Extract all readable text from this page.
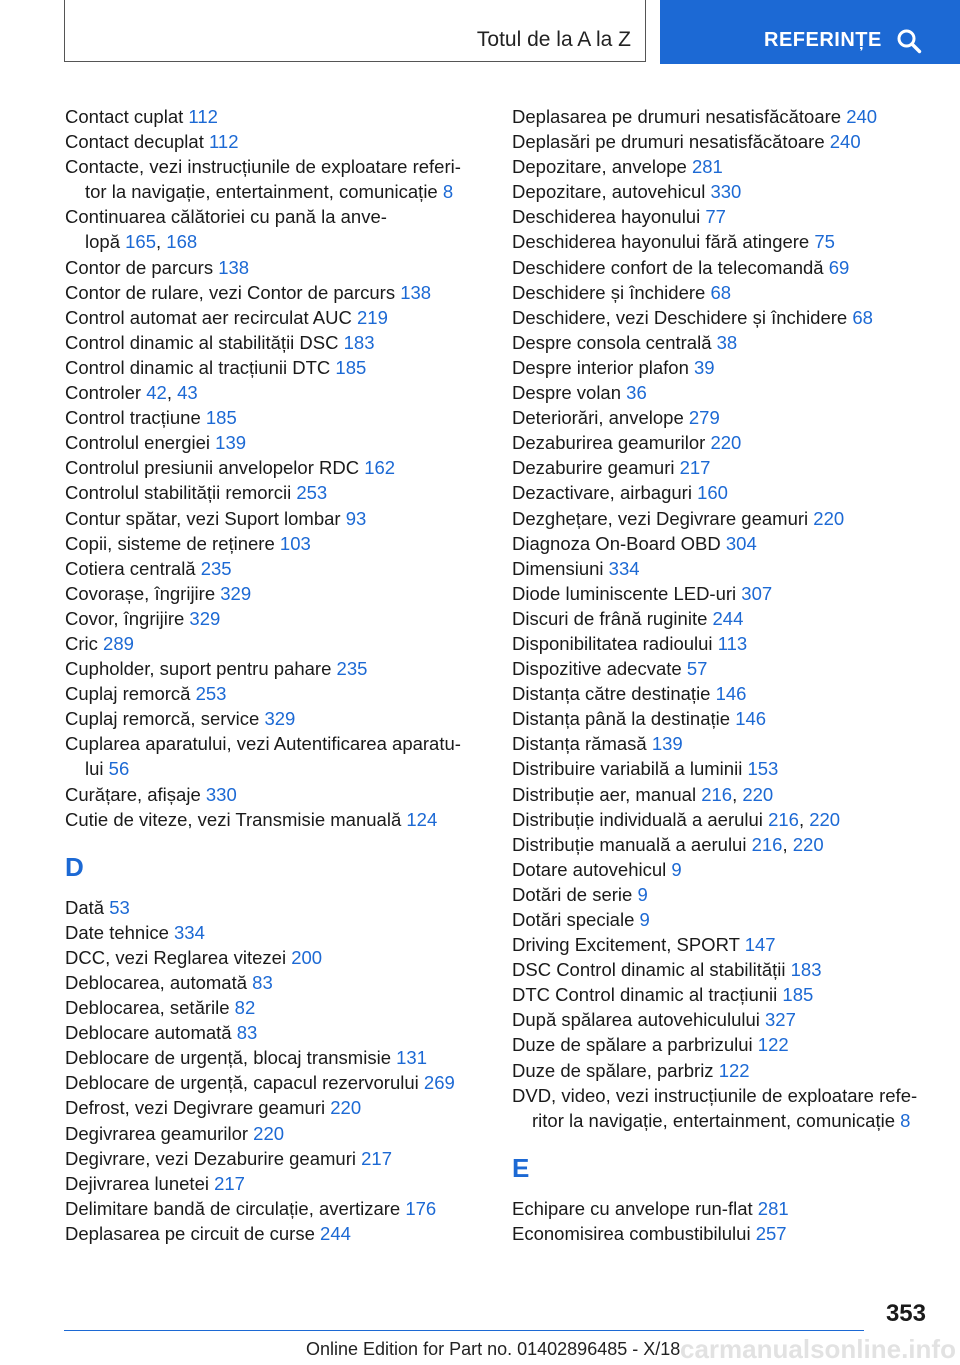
Totul de la A la Z	REFERINȚE
Contact cuplat 112
Contact decuplat 112
Contacte, vezi instrucțiunile de exploatare referi-
tor la navigație, entertainment, comunicație 8
Continuarea călătoriei cu pană la anve-
lopă 165, 168
Contor de parcurs 138
Contor de rulare, vezi Contor de parcurs 138
Control automat aer recirculat AUC 219
Control dinamic al stabilității DSC 183
Control dinamic al tracțiunii DTC 185
Controler 42, 43
Control tracțiune 185
Controlul energiei 139
Controlul presiunii anvelopelor RDC 162
Controlul stabilității remorcii 253
Contur spătar, vezi Suport lombar 93
Copii, sisteme de reținere 103
Cotiera centrală 235
Covorașe, îngrijire 329
Covor, îngrijire 329
Cric 289
Cupholder, suport pentru pahare 235
Cuplaj remorcă 253
Cuplaj remorcă, service 329
Cuplarea aparatului, vezi Autentificarea aparatu-
lui 56
Curățare, afișaje 330
Cutie de viteze, vezi Transmisie manuală 124
D
Dată 53
Date tehnice 334
DCC, vezi Reglarea vitezei 200
Deblocarea, automată 83
Deblocarea, setările 82
Deblocare automată 83
Deblocare de urgență, blocaj transmisie 131
Deblocare de urgență, capacul rezervorului 269
Defrost, vezi Degivrare geamuri 220
Degivrarea geamurilor 220
Degivrare, vezi Dezaburire geamuri 217
Dejivrarea lunetei 217
Delimitare bandă de circulație, avertizare 176
Deplasarea pe circuit de curse 244
Deplasarea pe drumuri nesatisfăcătoare 240
Deplasări pe drumuri nesatisfăcătoare 240
Depozitare, anvelope 281
Depozitare, autovehicul 330
Deschiderea hayonului 77
Deschiderea hayonului fără atingere 75
Deschidere confort de la telecomandă 69
Deschidere și închidere 68
Deschidere, vezi Deschidere și închidere 68
Despre consola centrală 38
Despre interior plafon 39
Despre volan 36
Deteriorări, anvelope 279
Dezaburirea geamurilor 220
Dezaburire geamuri 217
Dezactivare, airbaguri 160
Dezghețare, vezi Degivrare geamuri 220
Diagnoza On-Board OBD 304
Dimensiuni 334
Diode luminiscente LED-uri 307
Discuri de frână ruginite 244
Disponibilitatea radioului 113
Dispozitive adecvate 57
Distanța către destinație 146
Distanța până la destinație 146
Distanța rămasă 139
Distribuire variabilă a luminii 153
Distribuție aer, manual 216, 220
Distribuție individuală a aerului 216, 220
Distribuție manuală a aerului 216, 220
Dotare autovehicul 9
Dotări de serie 9
Dotări speciale 9
Driving Excitement, SPORT 147
DSC Control dinamic al stabilității 183
DTC Control dinamic al tracțiunii 185
După spălarea autovehiculului 327
Duze de spălare a parbrizului 122
Duze de spălare, parbriz 122
DVD, video, vezi instrucțiunile de exploatare refe-
ritor la navigație, entertainment, comunicație 8
E
Echipare cu anvelope run-flat 281
Economisirea combustibilului 257
353
Online Edition for Part no. 01402896485 - X/18 carmanualsonline.info
